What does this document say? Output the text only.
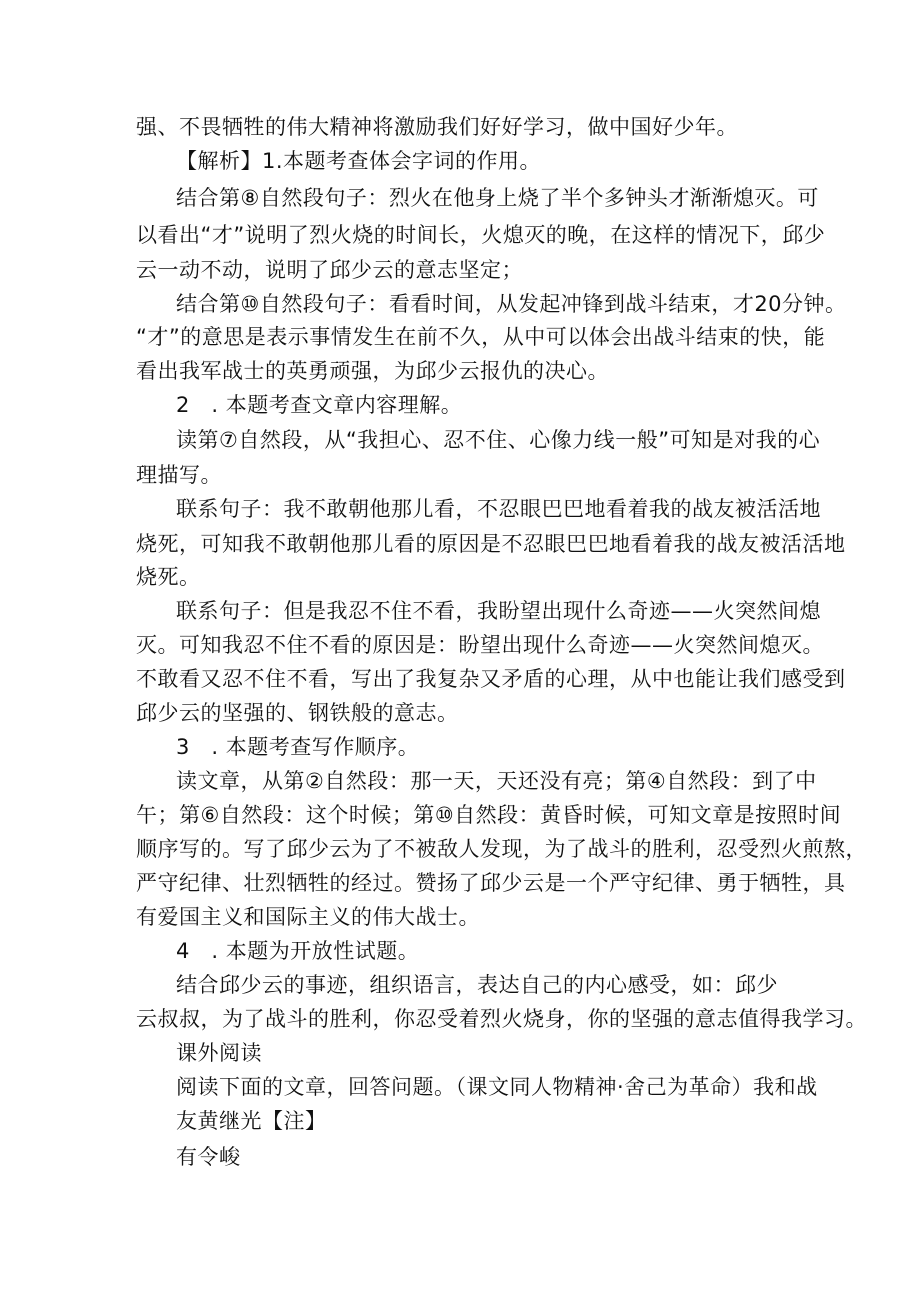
强、不畏牺牲的伟大精神将激励我们好好学习，做中国好少年。
【解析】1.本题考查体会字词的作用。
结合第⑧自然段句子：烈火在他身上烧了半个多钟头才渐渐熄灭。可
以看出“才”说明了烈火烧的时间长，火熄灭的晚，在这样的情况下，邱少
云一动不动，说明了邱少云的意志坚定；
结合第⑩自然段句子：看看时间，从发起冲锋到战斗结束，才20分钟。
“才”的意思是表示事情发生在前不久，从中可以体会出战斗结束的快，能
看出我军战士的英勇顽强，为邱少云报仇的决心。
2　. 本题考查文章内容理解。
读第⑦自然段，从“我担心、忍不住、心像力线一般”可知是对我的心
理描写。
联系句子：我不敢朝他那儿看，不忍眼巴巴地看着我的战友被活活地
烧死，可知我不敢朝他那儿看的原因是不忍眼巴巴地看着我的战友被活活地
烧死。
联系句子：但是我忍不住不看，我盼望出现什么奇迹——火突然间熄
灭。可知我忍不住不看的原因是：盼望出现什么奇迹——火突然间熄灭。
不敢看又忍不住不看，写出了我复杂又矛盾的心理，从中也能让我们感受到
邱少云的坚强的、钢铁般的意志。
3　. 本题考查写作顺序。
读文章，从第②自然段：那一天，天还没有亮；第④自然段：到了中
午；第⑥自然段：这个时候；第⑩自然段：黄昏时候，可知文章是按照时间
顺序写的。写了邱少云为了不被敌人发现，为了战斗的胜利，忍受烈火煎熬，
严守纪律、壮烈牺牲的经过。赞扬了邱少云是一个严守纪律、勇于牺牲，具
有爱国主义和国际主义的伟大战士。
4　. 本题为开放性试题。
结合邱少云的事迹，组织语言，表达自己的内心感受，如：邱少
云叔叔，为了战斗的胜利，你忍受着烈火烧身，你的坚强的意志值得我学习。
课外阅读
阅读下面的文章，回答问题。（课文同人物精神·舍己为革命）我和战
友黄继光【注】
有令峻
